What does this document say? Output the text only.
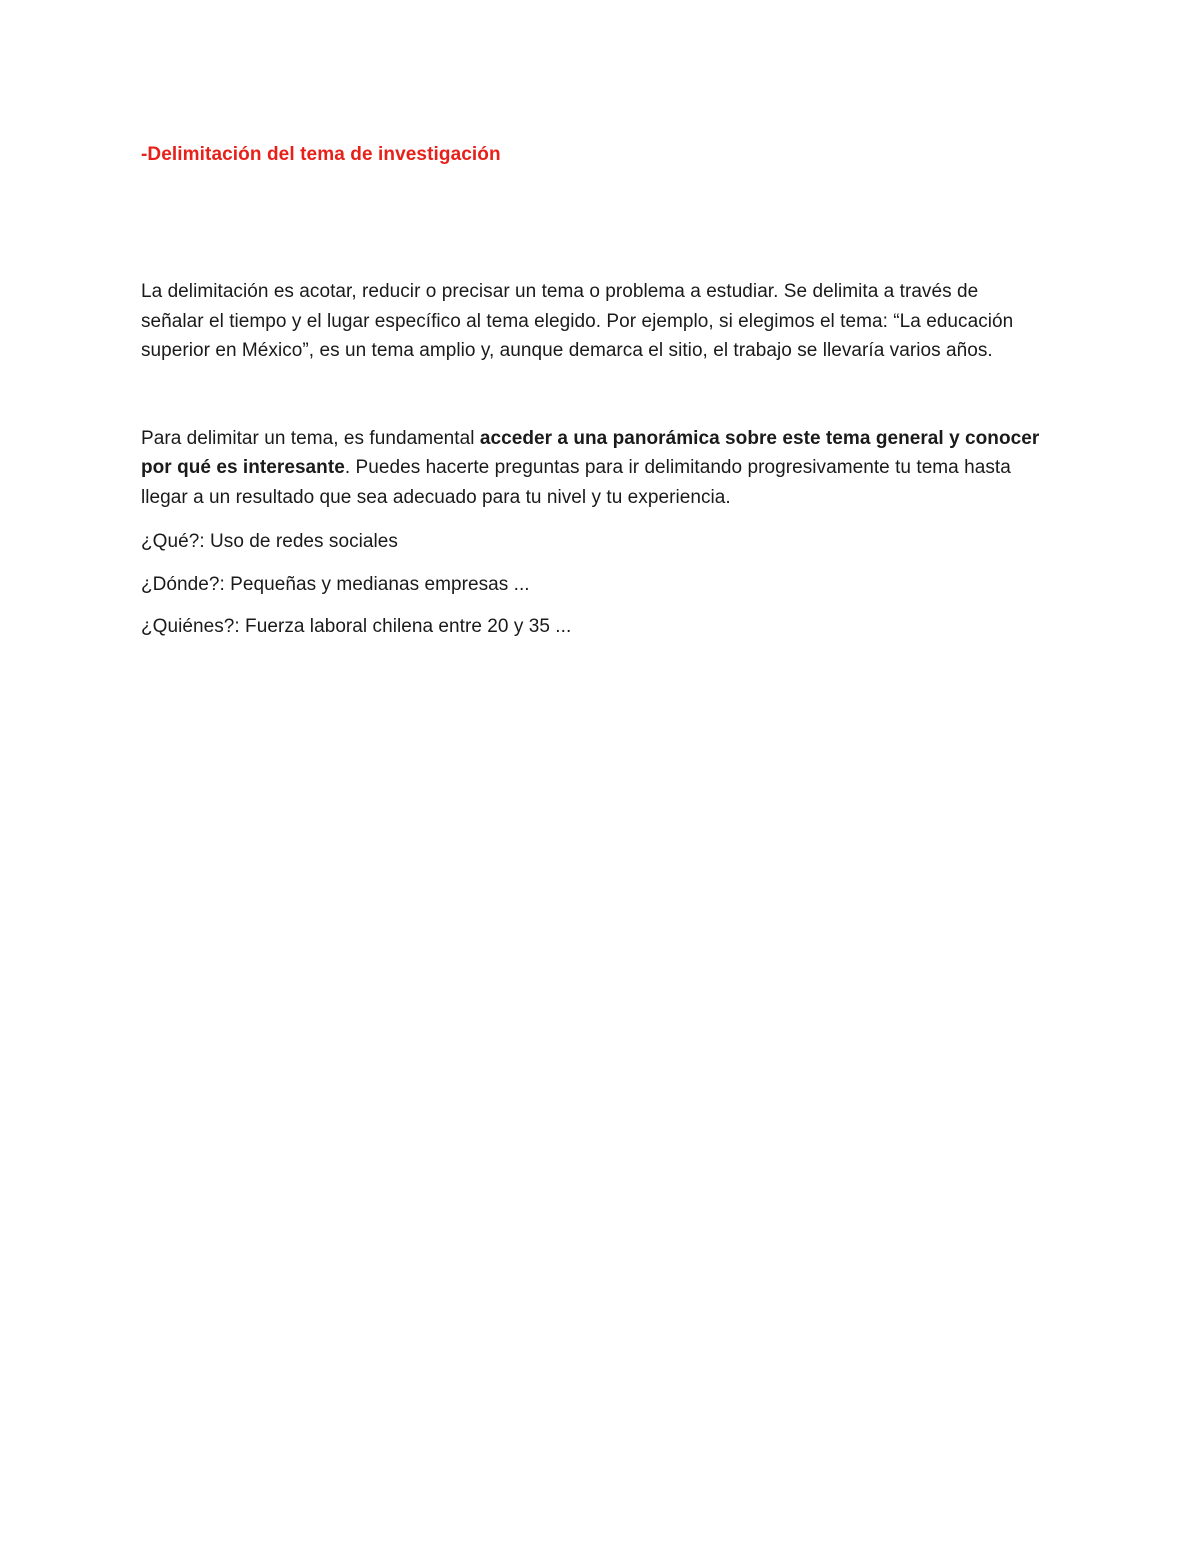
-Delimitación del tema de investigación

La delimitación es acotar, reducir o precisar un tema o problema a estudiar. Se delimita a través de señalar el tiempo y el lugar específico al tema elegido. Por ejemplo, si elegimos el tema: “La educación superior en México”, es un tema amplio y, aunque demarca el sitio, el trabajo se llevaría varios años.

Para delimitar un tema, es fundamental acceder a una panorámica sobre este tema general y conocer por qué es interesante. Puedes hacerte preguntas para ir delimitando progresivamente tu tema hasta llegar a un resultado que sea adecuado para tu nivel y tu experiencia.

¿Qué?: Uso de redes sociales

¿Dónde?: Pequeñas y medianas empresas ...

¿Quiénes?: Fuerza laboral chilena entre 20 y 35 ...
